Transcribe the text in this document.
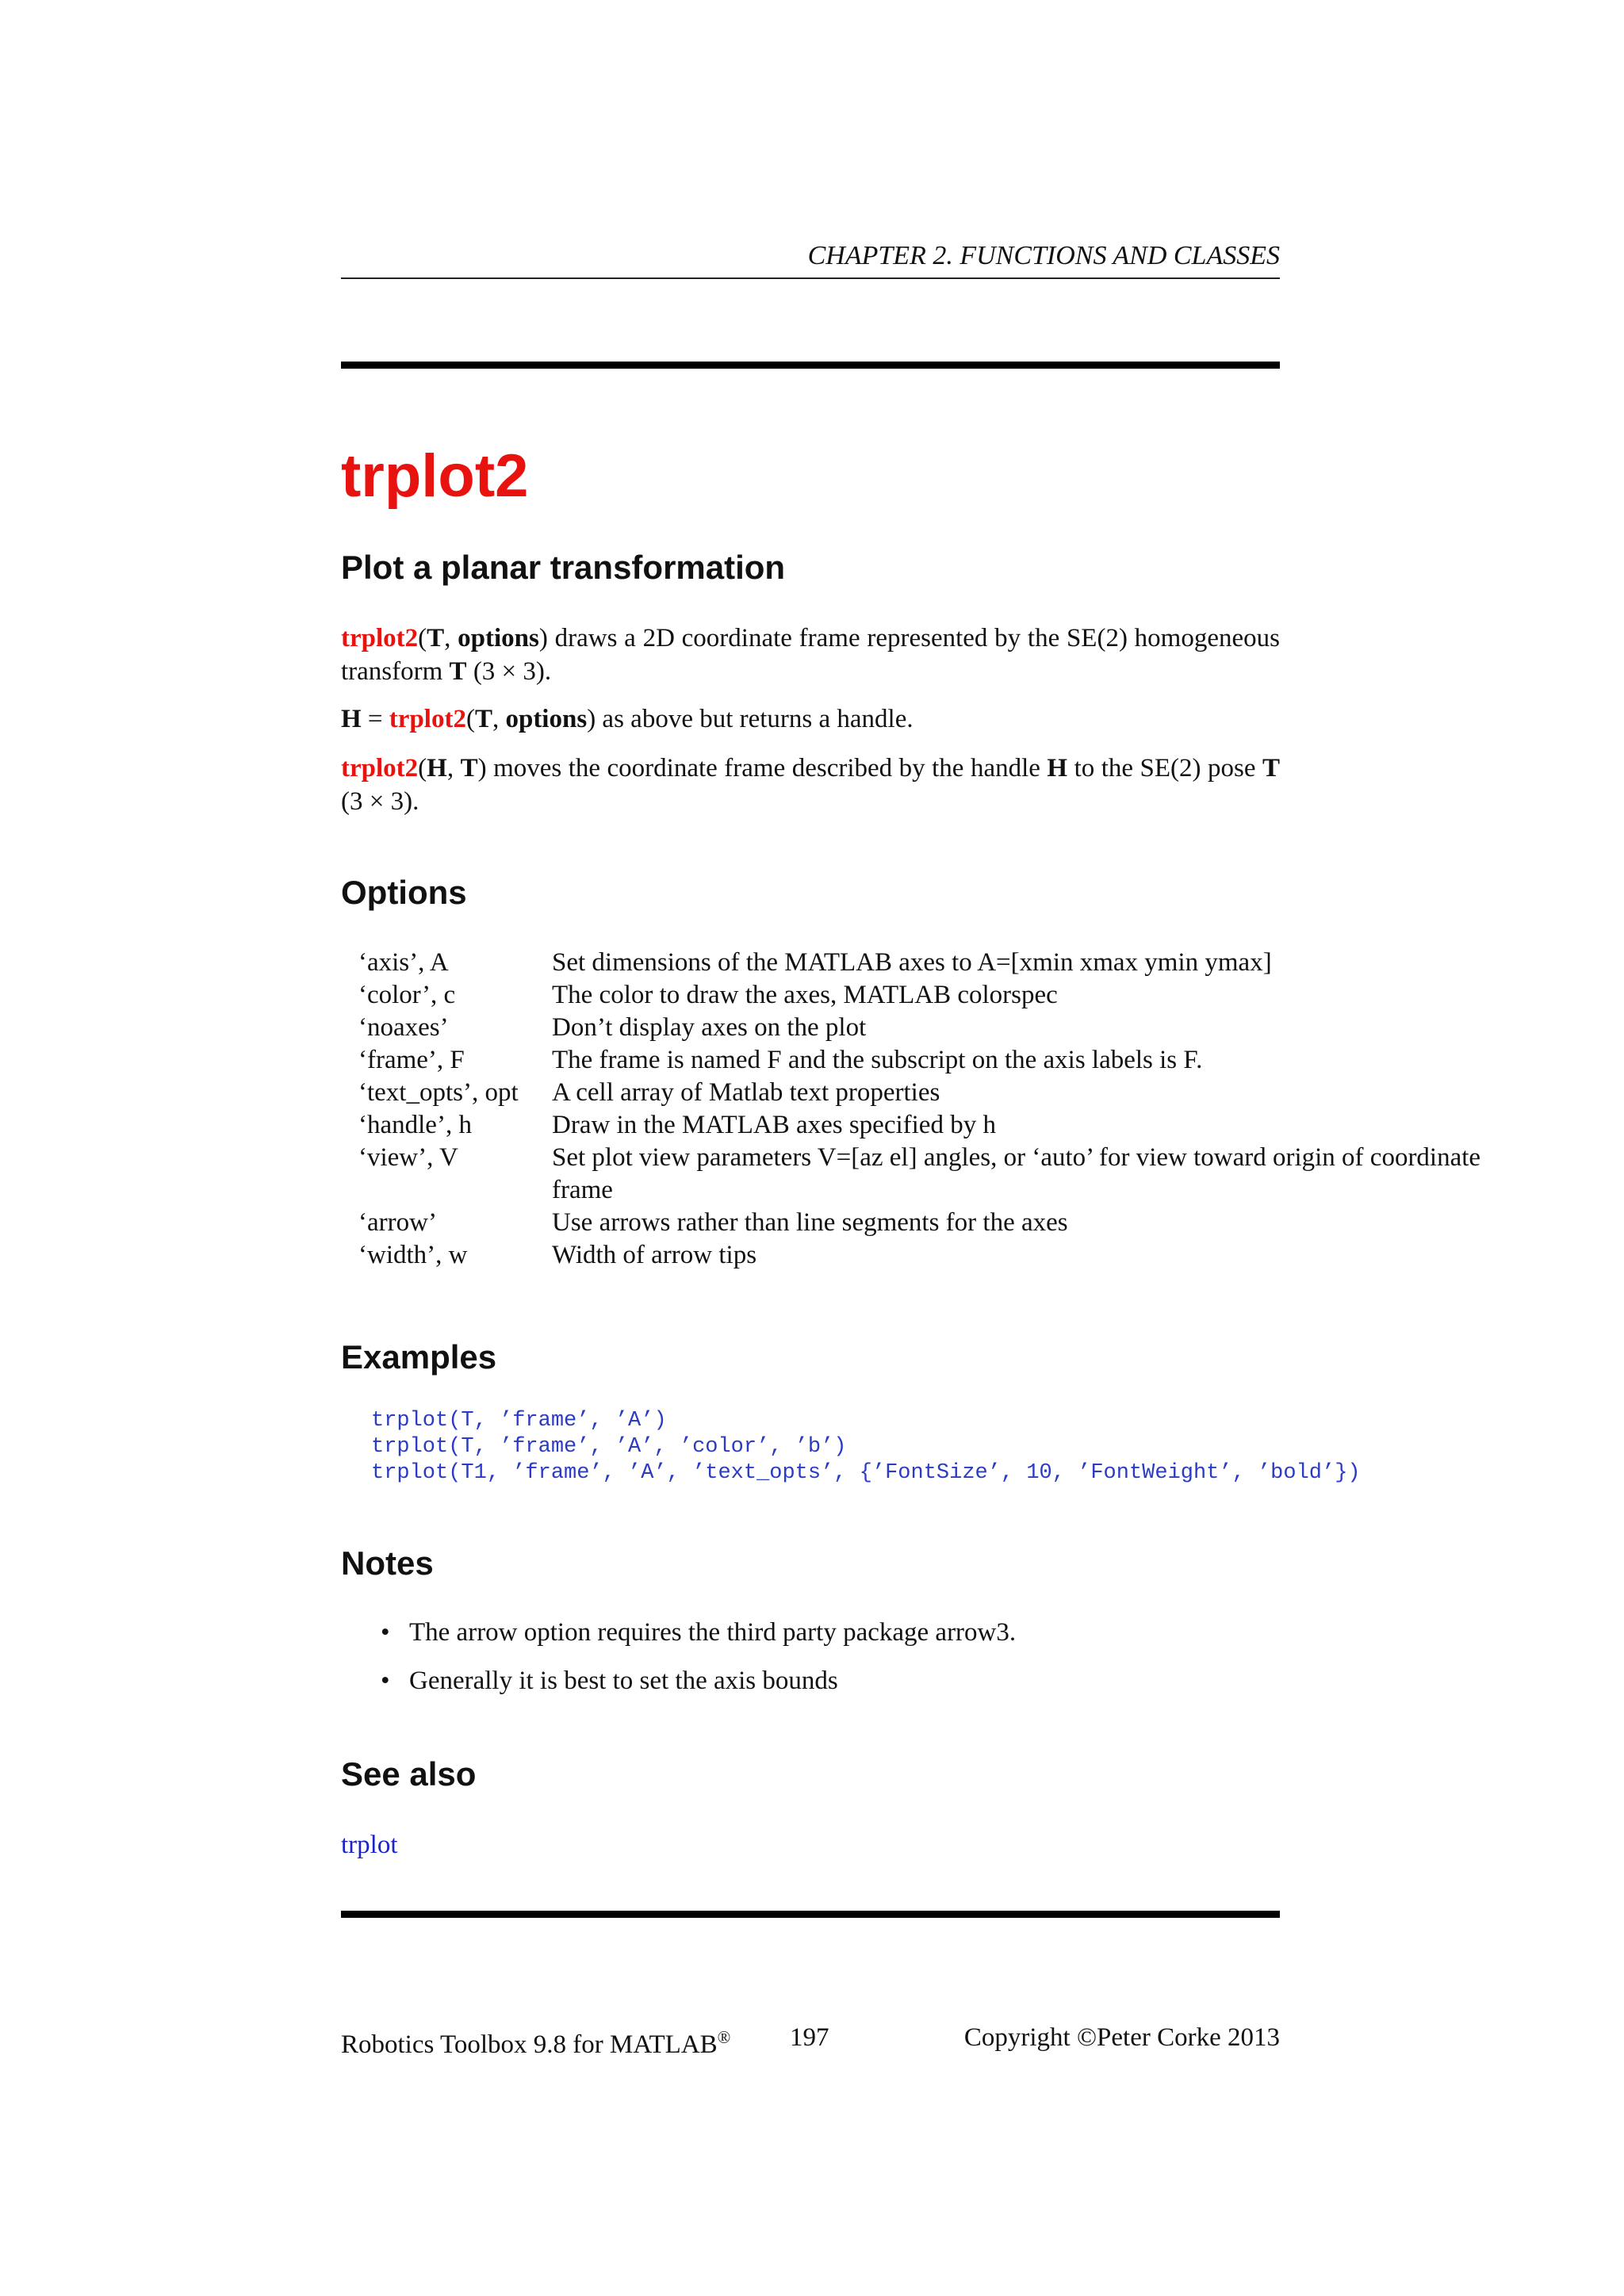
CHAPTER 2. FUNCTIONS AND CLASSES
trplot2
Plot a planar transformation

trplot2(T, options) draws a 2D coordinate frame represented by the SE(2) homogeneous transform T (3 × 3).

H = trplot2(T, options) as above but returns a handle.

trplot2(H, T) moves the coordinate frame described by the handle H to the SE(2) pose T (3 × 3).

Options
‘axis’, A	Set dimensions of the MATLAB axes to A=[xmin xmax ymin ymax]
‘color’, c	The color to draw the axes, MATLAB colorspec
‘noaxes’	Don’t display axes on the plot
‘frame’, F	The frame is named F and the subscript on the axis labels is F.
‘text_opts’, opt	A cell array of Matlab text properties
‘handle’, h	Draw in the MATLAB axes specified by h
‘view’, V	Set plot view parameters V=[az el] angles, or ‘auto’ for view toward origin of coordinate frame
‘arrow’	Use arrows rather than line segments for the axes
‘width’, w	Width of arrow tips
Examples
trplot(T, ’frame’, ’A’)
trplot(T, ’frame’, ’A’, ’color’, ’b’)
trplot(T1, ’frame’, ’A’, ’text_opts’, {’FontSize’, 10, ’FontWeight’, ’bold’})
Notes
• The arrow option requires the third party package arrow3.
• Generally it is best to set the axis bounds
See also

trplot

Robotics Toolbox 9.8 for MATLAB® 197	Copyright ©Peter Corke 2013
